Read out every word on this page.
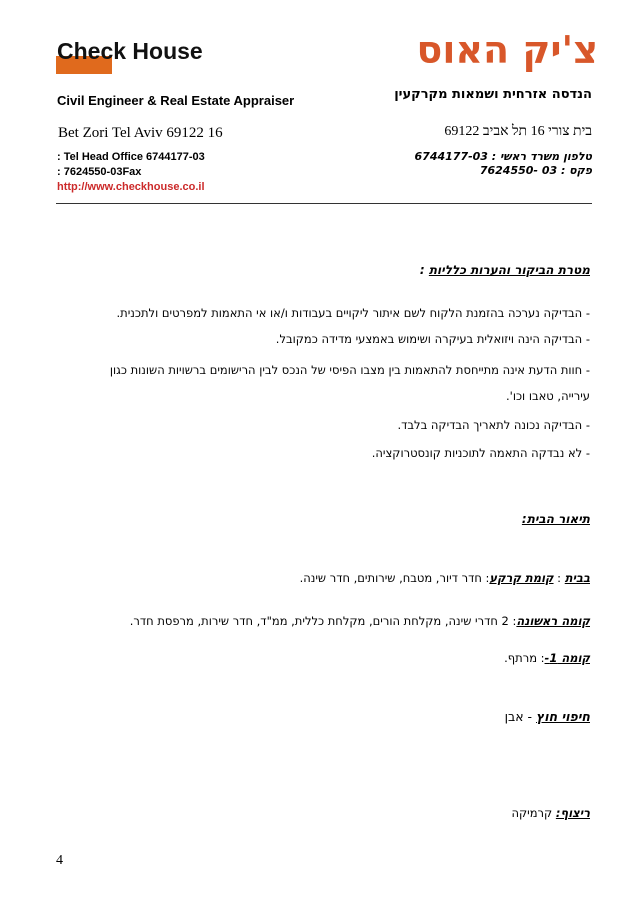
Check House
Civil Engineer & Real Estate Appraiser
Bet Zori Tel Aviv 69122 16
: Tel Head Office 6744177-03
: 7624550-03Fax
http://www.checkhouse.co.il
צ'יק האוס
הנדסה אזרחית ושמאות מקרקעין
בית צורי 16 תל אביב 69122
טלפון משרד ראשי : 6744177-03
פקס : 03 -7624550
מטרת הביקור והערות כלליות :
- הבדיקה נערכה בהזמנת הלקוח לשם איתור ליקויים בעבודות ו/או אי התאמות למפרטים ולתכנית.
- הבדיקה הינה ויזואלית בעיקרה ושימוש באמצעי מדידה כמקובל.
- חוות הדעת אינה מתייחסת להתאמות בין מצבו הפיסי של הנכס לבין הרישומים ברשויות השונות כגון
עירייה, טאבו וכו'.
- הבדיקה נכונה לתאריך הבדיקה בלבד.
- לא נבדקה התאמה לתוכניות קונסטרוקציה.
תיאור הבית:
בבית : קומת קרקע: חדר דיור, מטבח, שירותים, חדר שינה.
קומה ראשונה: 2 חדרי שינה, מקלחת הורים, מקלחת כללית, ממ"ד, חדר שירות, מרפסת חדר.
קומה 1-: מרתף.
חיפוי חוץ - אבן
ריצוף: קרמיקה
4
